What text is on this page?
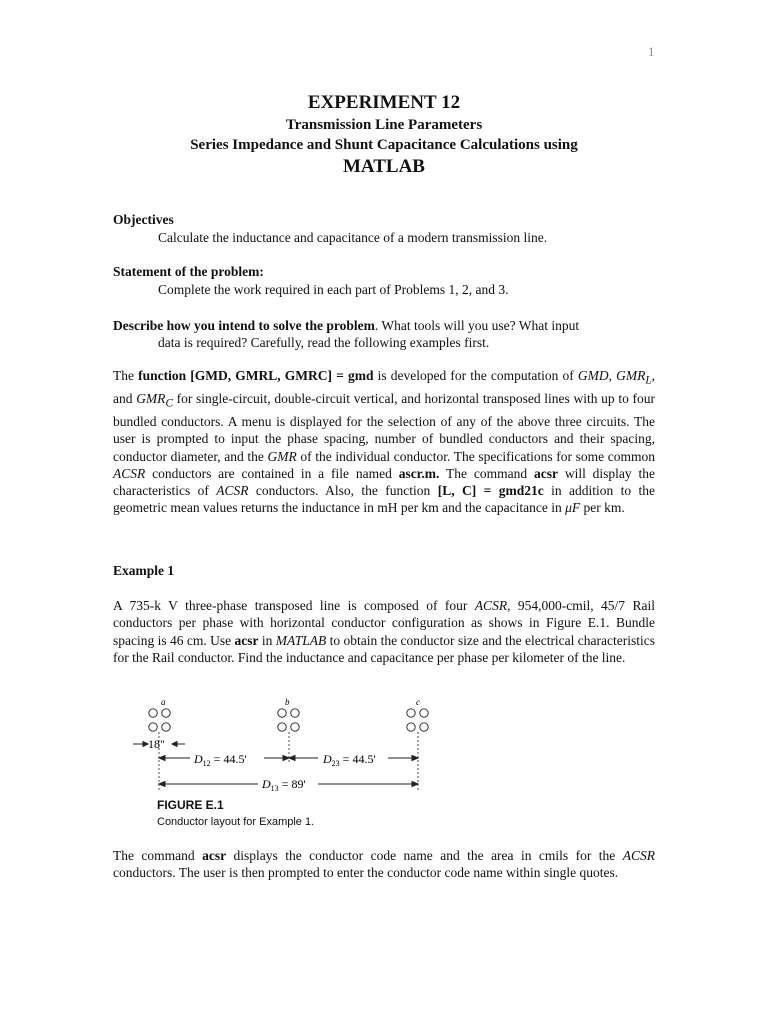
1
EXPERIMENT 12
Transmission Line Parameters
Series Impedance and Shunt Capacitance Calculations using
MATLAB
Objectives
Calculate the inductance and capacitance of a modern transmission line.
Statement of the problem:
Complete the work required in each part of Problems 1, 2, and 3.
Describe how you intend to solve the problem. What tools will you use? What input
data is required? Carefully, read the following examples first.
The function [GMD, GMRL, GMRC] = gmd is developed for the computation of GMD, $GMR_L$, and $GMR_C$ for single-circuit, double-circuit vertical, and horizontal transposed lines with up to four bundled conductors. A menu is displayed for the selection of any of the above three circuits. The user is prompted to input the phase spacing, number of bundled conductors and their spacing, conductor diameter, and the GMR of the individual conductor. The specifications for some common ACSR conductors are contained in a file named ascr.m. The command acsr will display the characteristics of ACSR conductors. Also, the function [L, C] = gmd21c in addition to the geometric mean values returns the inductance in mH per km and the capacitance in μF per km.
Example 1
A 735-k V three-phase transposed line is composed of four ACSR, 954,000-cmil, 45/7 Rail conductors per phase with horizontal conductor configuration as shows in Figure E.1. Bundle spacing is 46 cm. Use acsr in MATLAB to obtain the conductor size and the electrical characteristics for the Rail conductor. Find the inductance and capacitance per phase per kilometer of the line.
a	b	c
18"
$D_{12} = 44.5'$	$D_{23} = 44.5'$
$D_{13} = 89'$
FIGURE E.1
Conductor layout for Example 1.
The command acsr displays the conductor code name and the area in cmils for the ACSR conductors. The user is then prompted to enter the conductor code name within single quotes.
